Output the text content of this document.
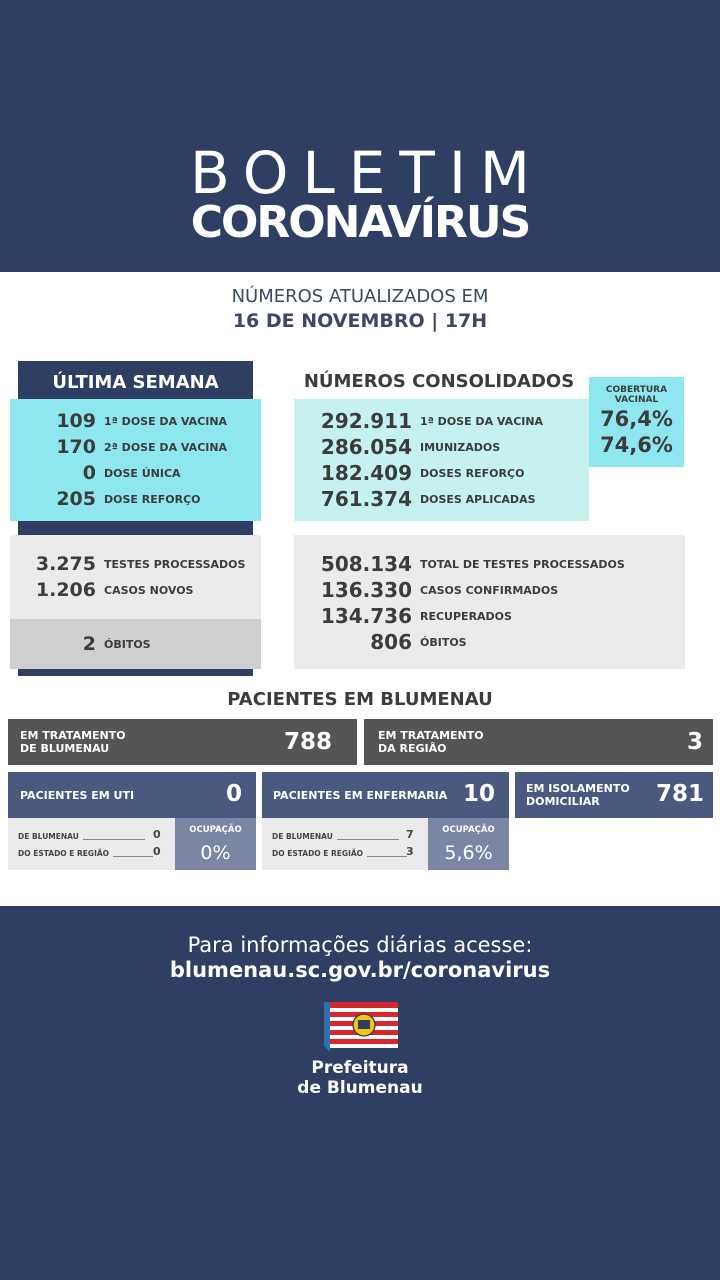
BOLETIM
CORONAVÍRUS
NÚMEROS ATUALIZADOS EM
16 DE NOVEMBRO | 17H
ÚLTIMA SEMANA
109 1ª DOSE DA VACINA
170 2ª DOSE DA VACINA
0 DOSE ÚNICA
205 DOSE REFORÇO
3.275 TESTES PROCESSADOS
1.206 CASOS NOVOS
2 ÓBITOS
NÚMEROS CONSOLIDADOS
292.911 1ª DOSE DA VACINA
286.054 IMUNIZADOS
182.409 DOSES REFORÇO
761.374 DOSES APLICADAS
COBERTURA
VACINAL
76,4%
74,6%
508.134 TOTAL DE TESTES PROCESSADOS
136.330 CASOS CONFIRMADOS
134.736 RECUPERADOS
806 ÓBITOS
PACIENTES EM BLUMENAU
EM TRATAMENTO
DE BLUMENAU	788	EM TRATAMENTO
DA REGIÃO	3
PACIENTES EM UTI	0
DE BLUMENAU	0
DO ESTADO E REGIÃO	0
OCUPAÇÃO
0%
PACIENTES EM ENFERMARIA 10
DE BLUMENAU	7
DO ESTADO E REGIÃO	3
OCUPAÇÃO
5,6%
EM ISOLAMENTO
DOMICILIAR	781
Para informações diárias acesse:
blumenau.sc.gov.br/coronavirus
Prefeitura
de Blumenau
